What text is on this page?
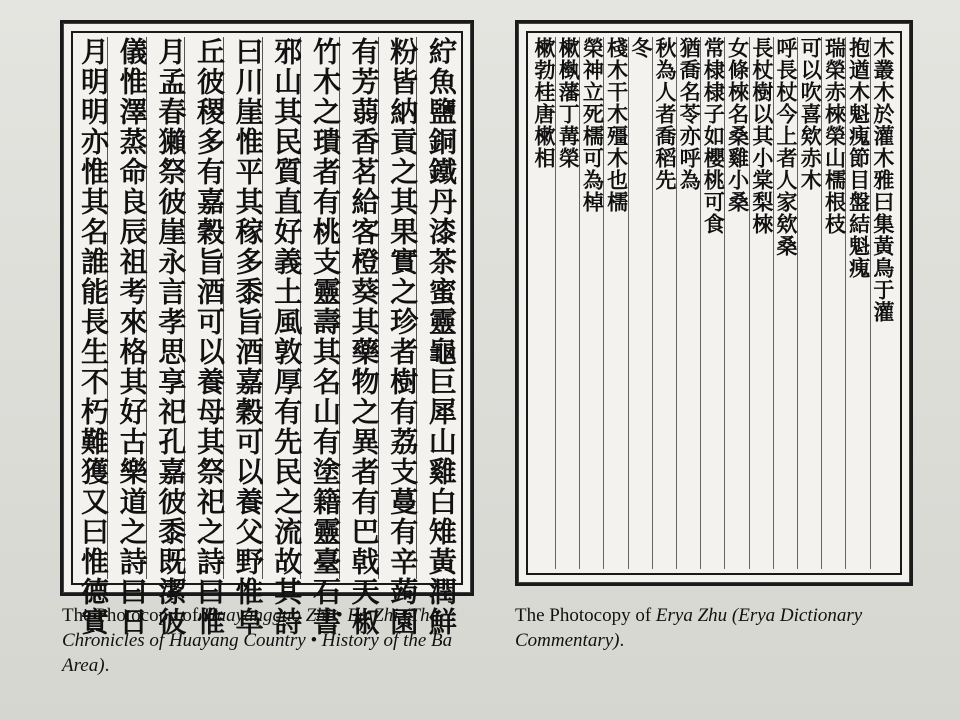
紵魚鹽銅鐵丹漆茶蜜靈龜巨犀山雞白雉黃潤鮮
粉皆納貢之其果實之珍者樹有荔支蔓有辛蒟園
有芳蒻香茗給客橙葵其藥物之異者有巴戟天椒
竹木之璝者有桃支靈壽其名山有塗籍靈臺石書
邪山其民質直好義土風敦厚有先民之流故其詩
曰川崖惟平其稼多黍旨酒嘉穀可以養父野惟阜
丘彼稷多有嘉穀旨酒可以養母其祭祀之詩曰惟
月孟春獺祭彼崖永言孝思享祀孔嘉彼黍既潔彼
儀惟澤蒸命良辰祖考來格其好古樂道之詩曰日
月明明亦惟其名誰能長生不朽難獲又曰惟德實	木叢木於灌木雅曰集黃鳥于灌
抱遒木魁瘣節目盤結魁瘣
瑞榮赤棶榮山檽根枝
可以吹喜欸赤木
呼長杖今上者人家欸桑
長杖樹以其小棠梨棶
女條棶名桑雞小桑
常棣棣子如櫻桃可食
猶喬名苓亦呼為
秋為人者喬稻先
冬
棧木干木殭木也檽
榮神立死檽可為棹
樕槸藩丁冓榮
樕勃桂唐樕相
The Photocopy of Huayangguo Zhi • Ba Zhi (The Chronicles of Huayang Country • History of the Ba Area).
The Photocopy of Erya Zhu (Erya Dictionary Commentary).
